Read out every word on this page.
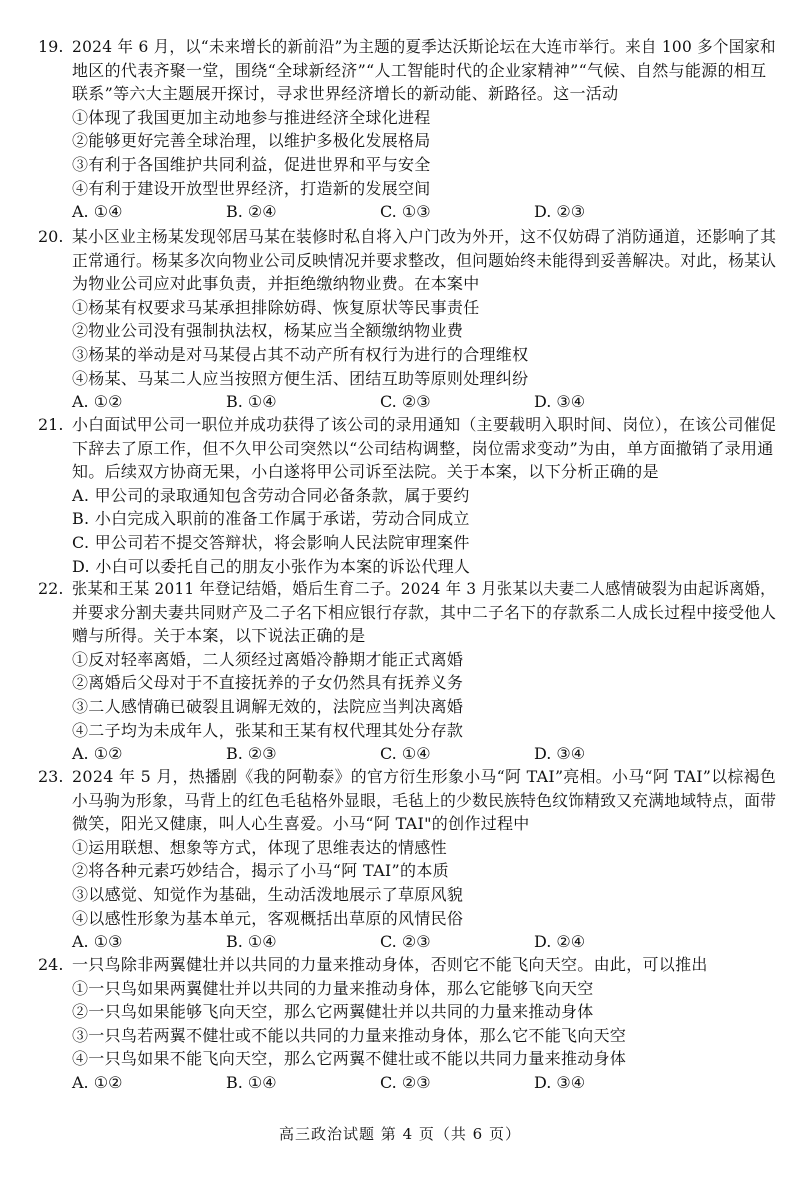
19. 2024 年 6 月，以“未来增长的新前沿”为主题的夏季达沃斯论坛在大连市举行。来自 100 多个国家和
地区的代表齐聚一堂，围绕“全球新经济”“人工智能时代的企业家精神”“气候、自然与能源的相互
联系”等六大主题展开探讨，寻求世界经济增长的新动能、新路径。这一活动
①体现了我国更加主动地参与推进经济全球化进程
②能够更好完善全球治理，以维护多极化发展格局
③有利于各国维护共同利益，促进世界和平与安全
④有利于建设开放型世界经济，打造新的发展空间
A. ①④	B. ②④	C. ①③	D. ②③
20. 某小区业主杨某发现邻居马某在装修时私自将入户门改为外开，这不仅妨碍了消防通道，还影响了其
正常通行。杨某多次向物业公司反映情况并要求整改，但问题始终未能得到妥善解决。对此，杨某认
为物业公司应对此事负责，并拒绝缴纳物业费。在本案中
①杨某有权要求马某承担排除妨碍、恢复原状等民事责任
②物业公司没有强制执法权，杨某应当全额缴纳物业费
③杨某的举动是对马某侵占其不动产所有权行为进行的合理维权
④杨某、马某二人应当按照方便生活、团结互助等原则处理纠纷
A. ①②	B. ①④	C. ②③	D. ③④
21. 小白面试甲公司一职位并成功获得了该公司的录用通知（主要载明入职时间、岗位），在该公司催促
下辞去了原工作，但不久甲公司突然以“公司结构调整，岗位需求变动”为由，单方面撤销了录用通
知。后续双方协商无果，小白遂将甲公司诉至法院。关于本案，以下分析正确的是
A. 甲公司的录取通知包含劳动合同必备条款，属于要约
B. 小白完成入职前的准备工作属于承诺，劳动合同成立
C. 甲公司若不提交答辩状，将会影响人民法院审理案件
D. 小白可以委托自己的朋友小张作为本案的诉讼代理人
22. 张某和王某 2011 年登记结婚，婚后生育二子。2024 年 3 月张某以夫妻二人感情破裂为由起诉离婚，
并要求分割夫妻共同财产及二子名下相应银行存款，其中二子名下的存款系二人成长过程中接受他人
赠与所得。关于本案，以下说法正确的是
①反对轻率离婚，二人须经过离婚冷静期才能正式离婚
②离婚后父母对于不直接抚养的子女仍然具有抚养义务
③二人感情确已破裂且调解无效的，法院应当判决离婚
④二子均为未成年人，张某和王某有权代理其处分存款
A. ①②	B. ②③	C. ①④	D. ③④
23. 2024 年 5 月，热播剧《我的阿勒泰》的官方衍生形象小马“阿 TAI”亮相。小马“阿 TAI”以棕褐色
小马驹为形象，马背上的红色毛毡格外显眼，毛毡上的少数民族特色纹饰精致又充满地域特点，面带
微笑，阳光又健康，叫人心生喜爱。小马“阿 TAI"的创作过程中
①运用联想、想象等方式，体现了思维表达的情感性
②将各种元素巧妙结合，揭示了小马“阿 TAI”的本质
③以感觉、知觉作为基础，生动活泼地展示了草原风貌
④以感性形象为基本单元，客观概括出草原的风情民俗
A. ①③	B. ①④	C. ②③	D. ②④
24. 一只鸟除非两翼健壮并以共同的力量来推动身体，否则它不能飞向天空。由此，可以推出
①一只鸟如果两翼健壮并以共同的力量来推动身体，那么它能够飞向天空
②一只鸟如果能够飞向天空，那么它两翼健壮并以共同的力量来推动身体
③一只鸟若两翼不健壮或不能以共同的力量来推动身体，那么它不能飞向天空
④一只鸟如果不能飞向天空，那么它两翼不健壮或不能以共同力量来推动身体
A. ①②	B. ①④	C. ②③	D. ③④
高三政治试题 第 4 页（共 6 页）
